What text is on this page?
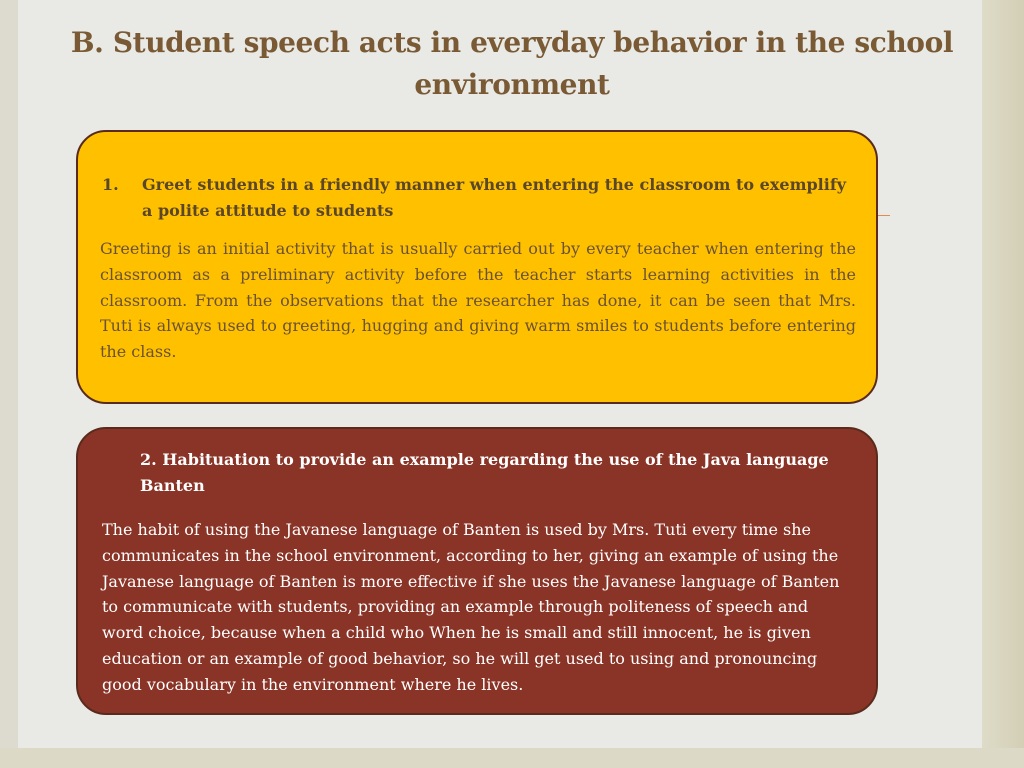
B. Student speech acts in everyday behavior in the school environment
1.	Greet students in a friendly manner when entering the classroom to exemplify a polite attitude to students
Greeting is an initial activity that is usually carried out by every teacher when entering the classroom as a preliminary activity before the teacher starts learning activities in the classroom. From the observations that the researcher has done, it can be seen that Mrs. Tuti is always used to greeting, hugging and giving warm smiles to students before entering the class.
2. Habituation to provide an example regarding the use of the Java language Banten
The habit of using the Javanese language of Banten is used by Mrs. Tuti every time she communicates in the school environment, according to her, giving an example of using the Javanese language of Banten is more effective if she uses the Javanese language of Banten to communicate with students, providing an example through politeness of speech and word choice, because when a child who When he is small and still innocent, he is given education or an example of good behavior, so he will get used to using and pronouncing good vocabulary in the environment where he lives.
